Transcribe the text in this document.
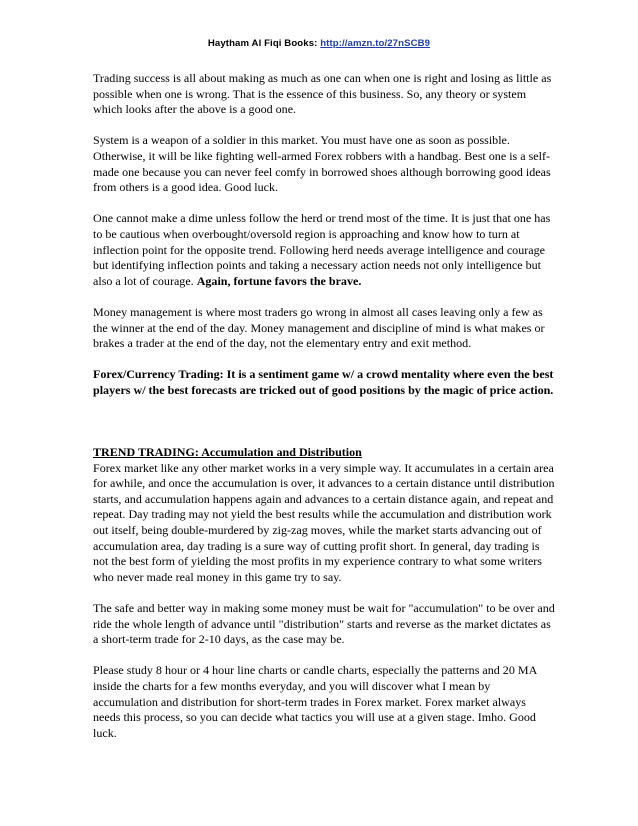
Haytham Al Fiqi Books: http://amzn.to/27nSCB9

Trading success is all about making as much as one can when one is right and losing as little as possible when one is wrong. That is the essence of this business. So, any theory or system which looks after the above is a good one.

System is a weapon of a soldier in this market. You must have one as soon as possible. Otherwise, it will be like fighting well-armed Forex robbers with a handbag. Best one is a self-made one because you can never feel comfy in borrowed shoes although borrowing good ideas from others is a good idea. Good luck.

One cannot make a dime unless follow the herd or trend most of the time. It is just that one has to be cautious when overbought/oversold region is approaching and know how to turn at inflection point for the opposite trend. Following herd needs average intelligence and courage but identifying inflection points and taking a necessary action needs not only intelligence but also a lot of courage. Again, fortune favors the brave.

Money management is where most traders go wrong in almost all cases leaving only a few as the winner at the end of the day. Money management and discipline of mind is what makes or brakes a trader at the end of the day, not the elementary entry and exit method.

Forex/Currency Trading: It is a sentiment game w/ a crowd mentality where even the best players w/ the best forecasts are tricked out of good positions by the magic of price action.

TREND TRADING: Accumulation and Distribution
Forex market like any other market works in a very simple way. It accumulates in a certain area for awhile, and once the accumulation is over, it advances to a certain distance until distribution starts, and accumulation happens again and advances to a certain distance again, and repeat and repeat. Day trading may not yield the best results while the accumulation and distribution work out itself, being double-murdered by zig-zag moves, while the market starts advancing out of accumulation area, day trading is a sure way of cutting profit short. In general, day trading is not the best form of yielding the most profits in my experience contrary to what some writers who never made real money in this game try to say.

The safe and better way in making some money must be wait for "accumulation" to be over and ride the whole length of advance until "distribution" starts and reverse as the market dictates as a short-term trade for 2-10 days, as the case may be.

Please study 8 hour or 4 hour line charts or candle charts, especially the patterns and 20 MA inside the charts for a few months everyday, and you will discover what I mean by accumulation and distribution for short-term trades in Forex market. Forex market always needs this process, so you can decide what tactics you will use at a given stage. Imho. Good luck.
